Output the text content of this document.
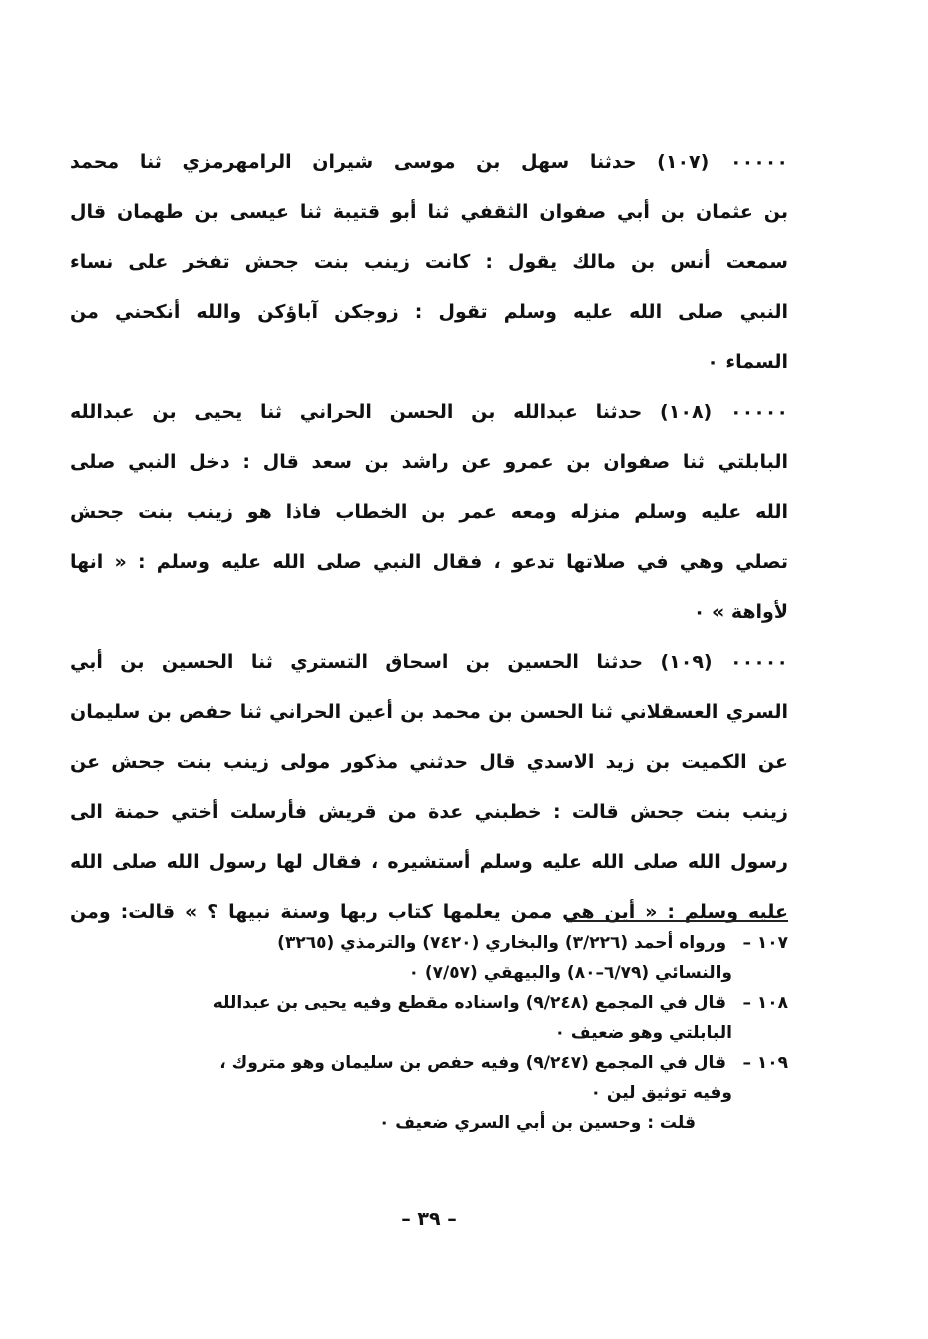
٠٠٠٠٠ (١٠٧) حدثنا سهل بن موسى شيران الرامهرمزي ثنا محمد
بن عثمان بن أبي صفوان الثقفي ثنا أبو قتيبة ثنا عيسى بن طهمان قال
سمعت أنس بن مالك يقول : كانت زينب بنت جحش تفخر على نساء
النبي صلى الله عليه وسلم تقول : زوجكن آباؤكن والله أنكحني من
السماء ٠
٠٠٠٠٠ (١٠٨) حدثنا عبدالله بن الحسن الحراني ثنا يحيى بن عبدالله
البابلتي ثنا صفوان بن عمرو عن راشد بن سعد قال : دخل النبي صلى
الله عليه وسلم منزله ومعه عمر بن الخطاب فاذا هو زينب بنت جحش
تصلي وهي في صلاتها تدعو ، فقال النبي صلى الله عليه وسلم : « انها
لأواهة » ٠
٠٠٠٠٠ (١٠٩) حدثنا الحسين بن اسحاق التستري ثنا الحسين بن أبي
السري العسقلاني ثنا الحسن بن محمد بن أعين الحراني ثنا حفص بن سليمان
عن الكميت بن زيد الاسدي قال حدثني مذكور مولى زينب بنت جحش عن
زينب بنت جحش قالت : خطبني عدة من قريش فأرسلت أختي حمنة الى
رسول الله صلى الله عليه وسلم أستشيره ، فقال لها رسول الله صلى الله
عليه وسلم : « أين هي ممن يعلمها كتاب ربها وسنة نبيها ؟ » قالت: ومن
١٠٧ – ورواه أحمد (٣/٢٢٦) والبخاري (٧٤٢٠) والترمذي (٣٢٦٥)
والنسائي (٦/٧٩–٨٠) والبيهقي (٧/٥٧) ٠
١٠٨ – قال في المجمع (٩/٢٤٨) واسناده مقطع وفيه يحيى بن عبدالله
البابلتي وهو ضعيف ٠
١٠٩ – قال في المجمع (٩/٢٤٧) وفيه حفص بن سليمان وهو متروك ،
وفيه توثيق لين ٠
قلت : وحسين بن أبي السري ضعيف ٠
– ٣٩ –
